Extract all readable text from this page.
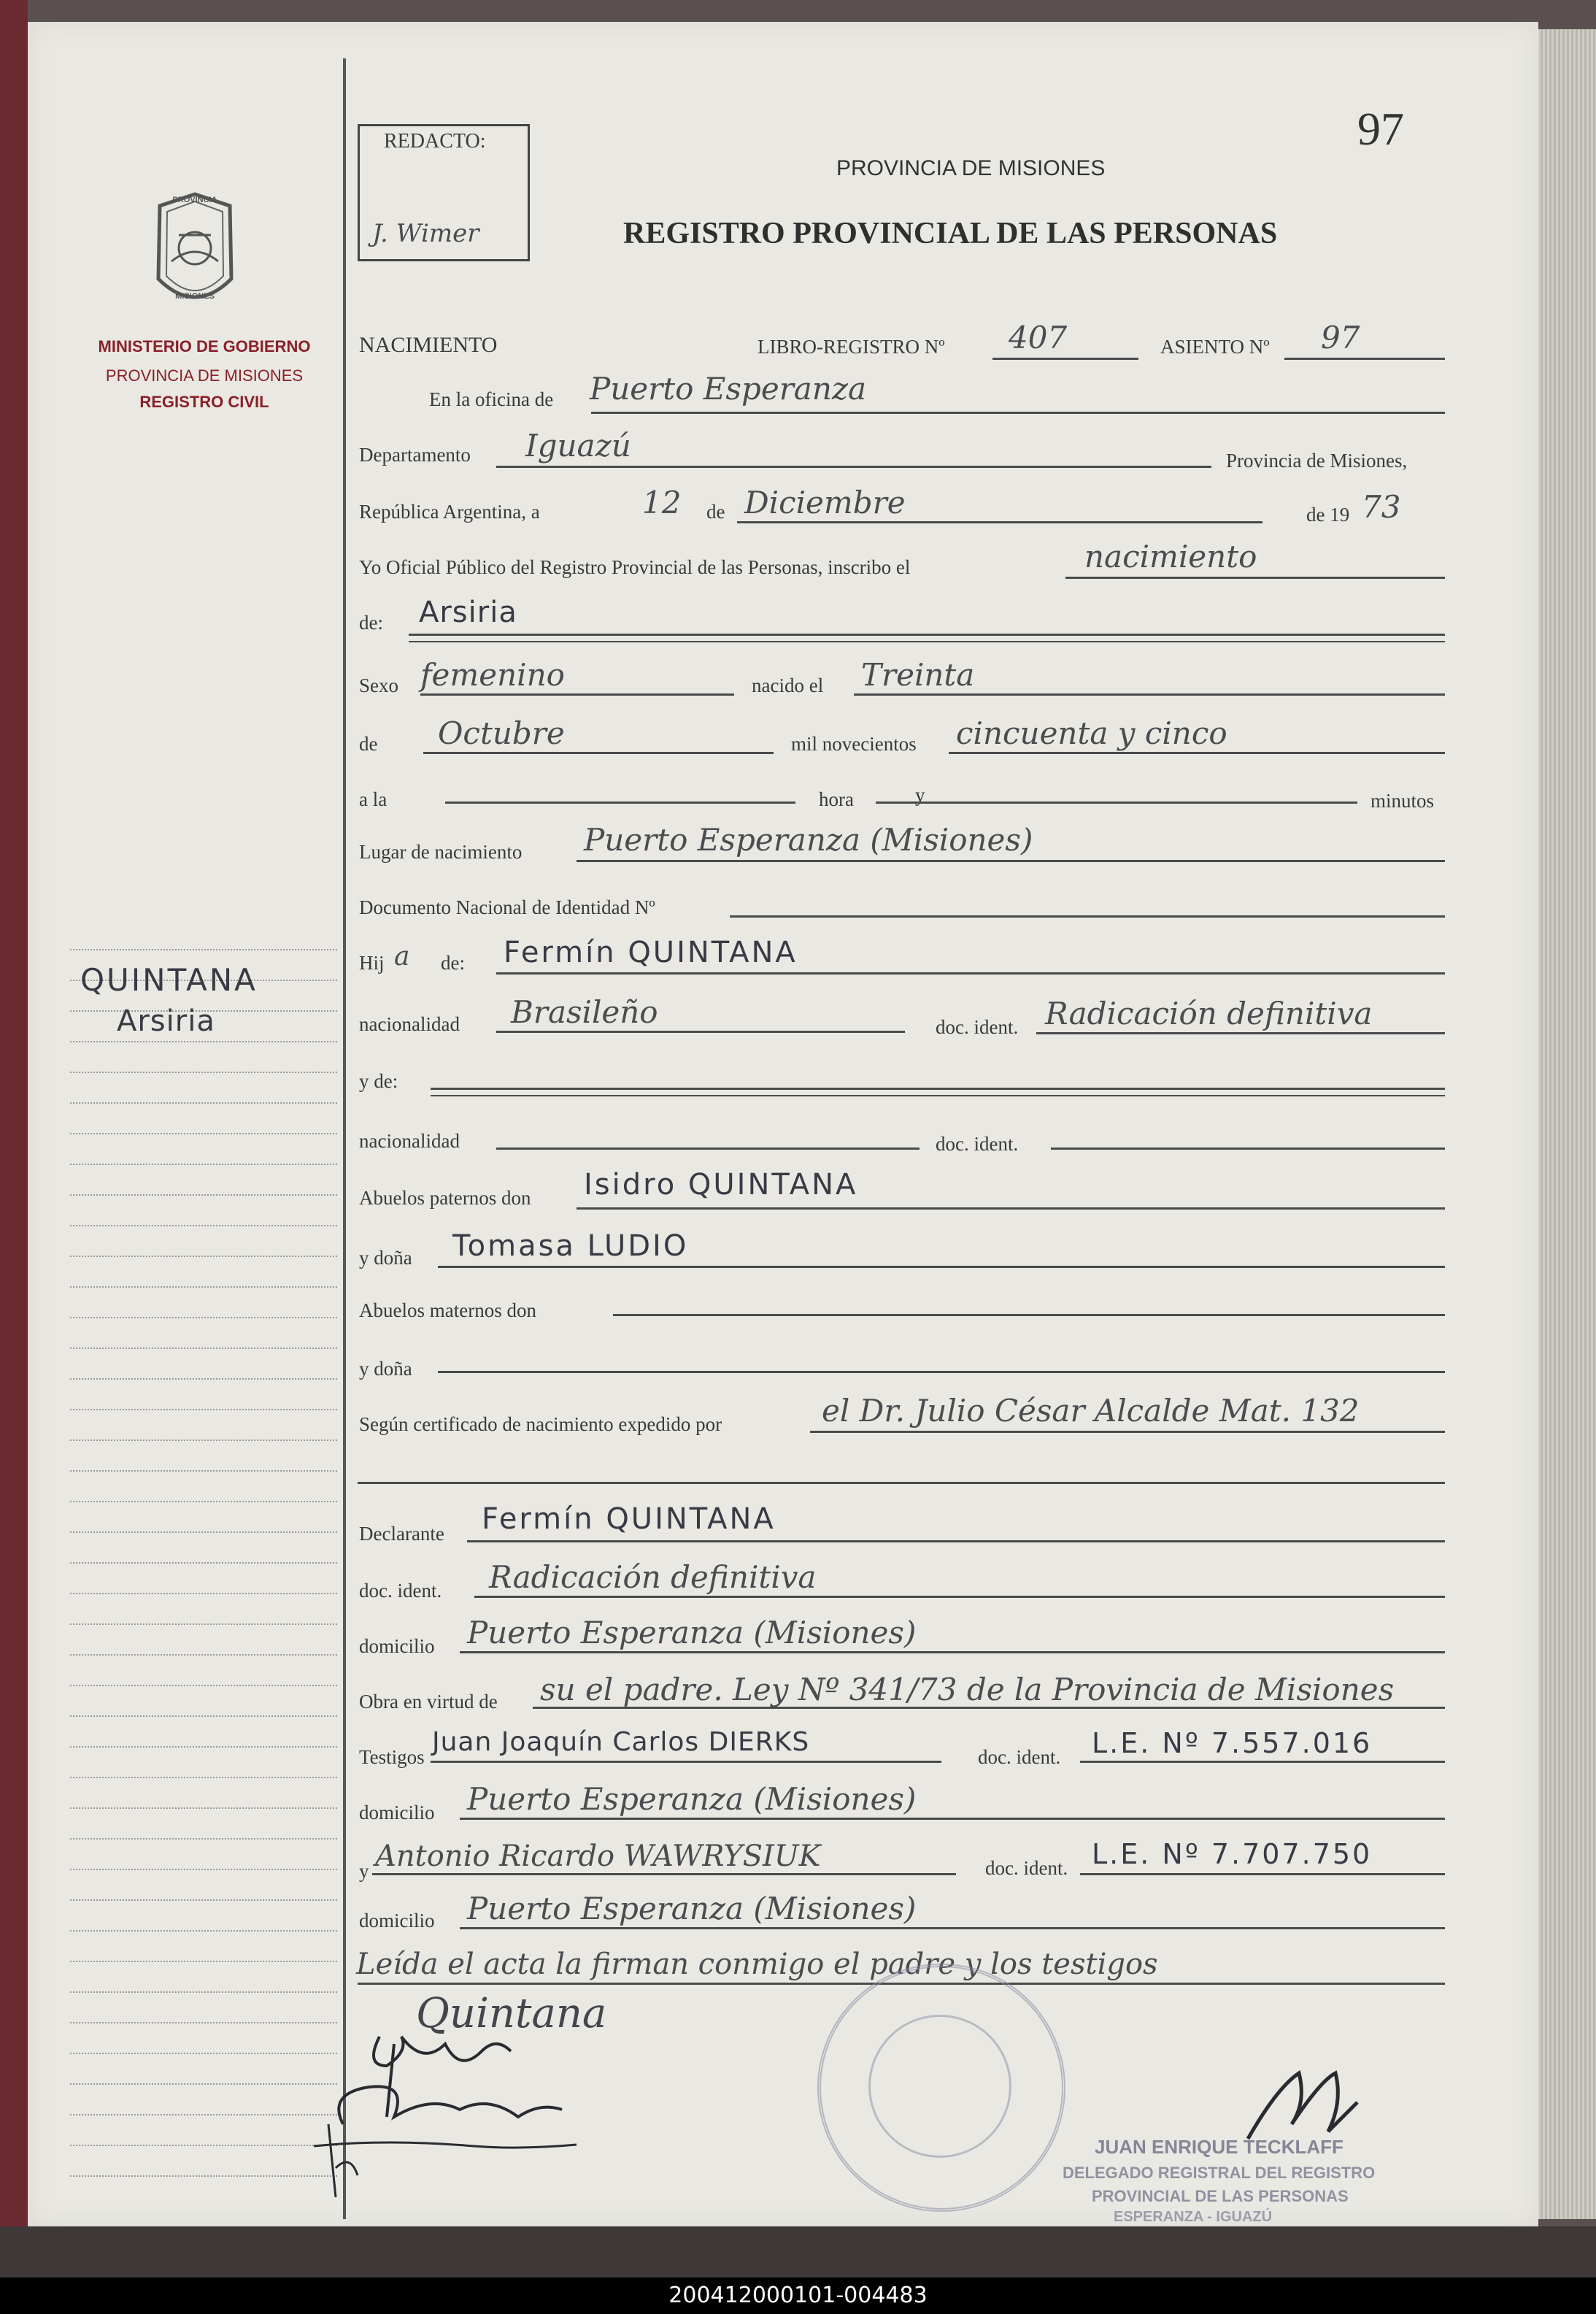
PROVINCIA
MISIONES
MINISTERIO DE GOBIERNO
PROVINCIA DE MISIONES
REGISTRO CIVIL
QUINTANA
Arsiria
REDACTO:
J. Wimer
97
PROVINCIA DE MISIONES
REGISTRO PROVINCIAL DE LAS PERSONAS
NACIMIENTO	LIBRO-REGISTRO Nº 407	ASIENTO Nº 97
En la oficina de Puerto Esperanza
Departamento Iguazú	Provincia de Misiones,
República Argentina, a	12 de Diciembre	de 19 73
Yo Oficial Público del Registro Provincial de las Personas, inscribo el	nacimiento
de: Arsiria
Sexo femenino	nacido el Treinta
de Octubre	mil novecientos cincuenta y cinco
a la	hora	y	minutos
Lugar de nacimiento Puerto Esperanza (Misiones)
Documento Nacional de Identidad Nº
Hij a de: Fermín QUINTANA
nacionalidad Brasileño	doc. ident. Radicación definitiva
y de:
nacionalidad	doc. ident.
Abuelos paternos don Isidro QUINTANA
y doña Tomasa LUDIO
Abuelos maternos don
y doña
Según certificado de nacimiento expedido por	el Dr. Julio César Alcalde Mat. 132
Declarante Fermín QUINTANA
doc. ident. Radicación definitiva
domicilio Puerto Esperanza (Misiones)
Obra en virtud de su el padre. Ley Nº 341/73 de la Provincia de Misiones
Testigos Juan Joaquín Carlos DIERKS	doc. ident. L.E. Nº 7.557.016
domicilio Puerto Esperanza (Misiones)
y Antonio Ricardo WAWRYSIUK	doc. ident. L.E. Nº 7.707.750
domicilio Puerto Esperanza (Misiones)
Leída el acta la firman conmigo el padre y los testigos
Quintana
JUAN ENRIQUE TECKLAFF
DELEGADO REGISTRAL DEL REGISTRO
PROVINCIAL DE LAS PERSONAS
ESPERANZA - IGUAZÚ
200412000101-004483
